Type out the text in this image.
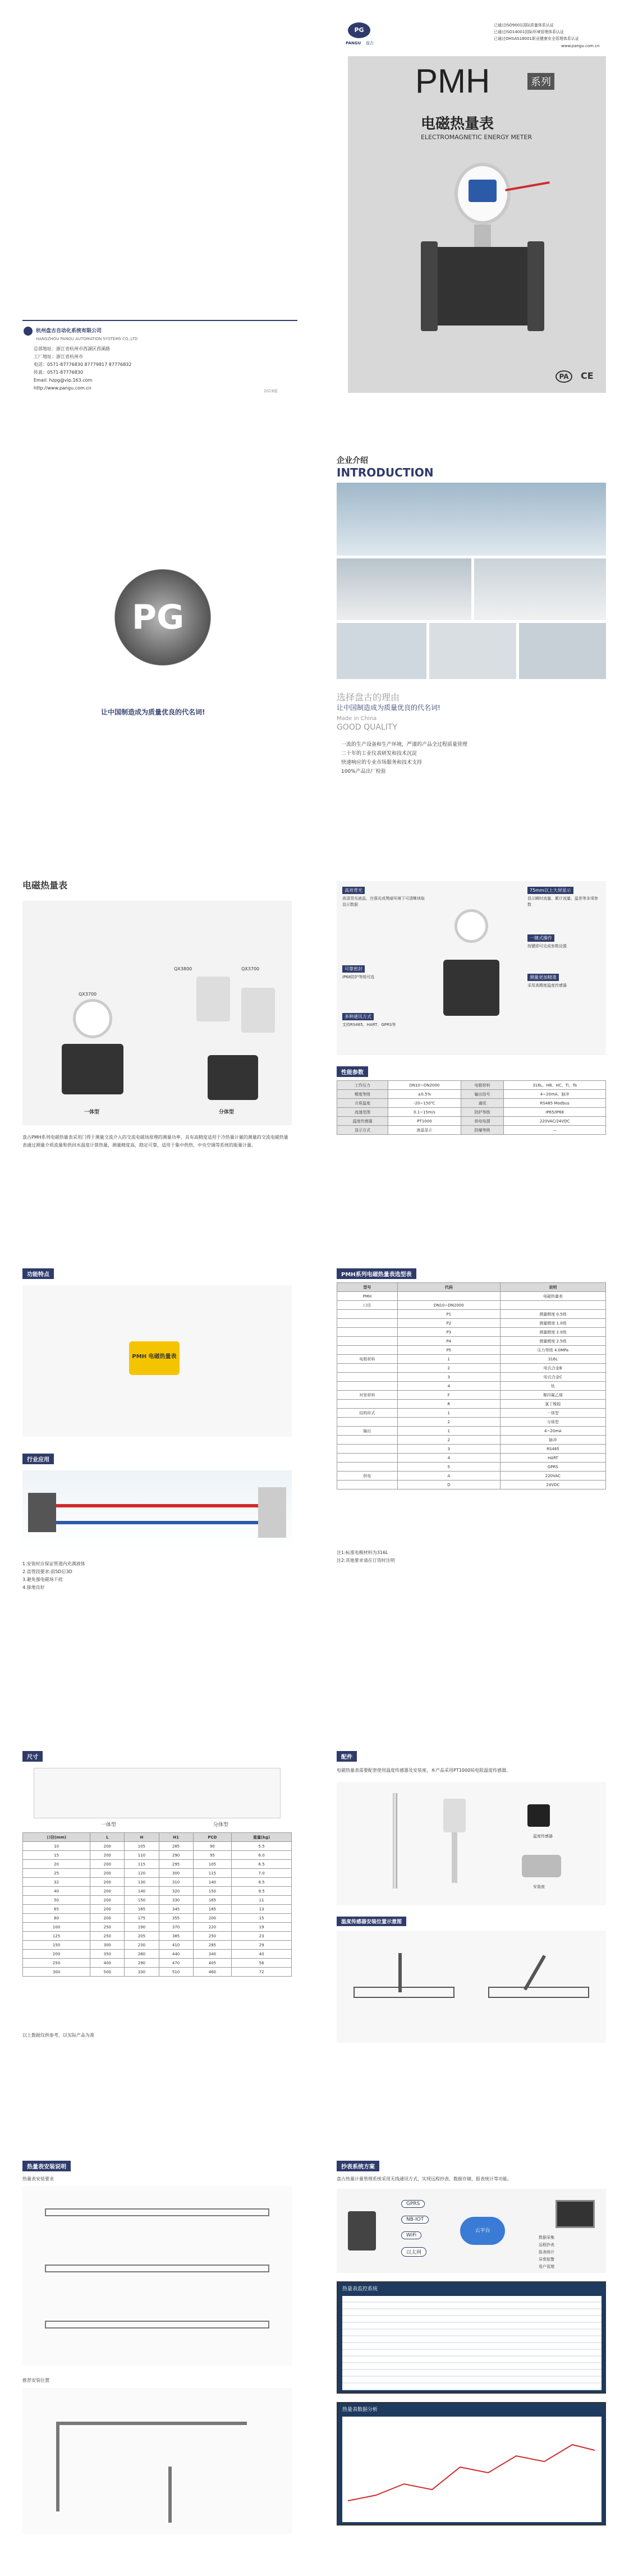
杭州盘古自动化系统有限公司
HANGZHOU PANGU AUTOMATION SYSTEMS CO.,LTD
总部地址：浙江省杭州市西湖区西溪路
工厂地址：浙江省杭州市
电话：0571-87776830 87779817 87776832
传真：0571-87776830
Email: hzpg@vip.163.com
http://www.pangu.com.cn
2019版
PG
PANGU 盘古
已通过ISO9001国际质量体系认证
已通过ISO14001国际环境管理体系认证
已通过OHSAS18001职业健康安全管理体系认证
www.pangu.com.cn
PMH	系列
电磁热量表
ELECTROMAGNETIC ENERGY METER
PA	CE
PG
让中国制造成为质量优良的代名词!
企业介绍
INTRODUCTION
选择盘古的理由
让中国制造成为质量优良的代名词!
Made in China
GOOD QUALITY
一流的生产设备和生产环境，严谨的产品全过程质量管理
二十年的工业仪表研发和技术沉淀
快速响应的专业市场服务和技术支持
100%产品出厂检验
电磁热量表
QX3700
QX3800	QX3700
一体型	分体型
盘古PMH系列电磁热量表采用门得于测量交流介入的交流电磁场原理的测量功率，具有高精度适用于冷热量计量的测量的交流电磁热量表通过测量介质流量和供回水温度计算热量，测量精度高，稳定可靠，适用于集中供热、中央空调等系统的能量计量。
高亮背光
高清背光液晶，在强光或黑暗环境下可清晰读取显示数据
75mm以上大屏显示
显示瞬时流量、累计流量、温差等多项参数
一键式操作
按键即可完成参数设置
可靠密封
IP68防护等级可选	测量更加精准
采用高精度温度传感器
多种通讯方式
支持RS485、HART、GPRS等
性能参数
工作压力	DN10~DN2000	电极材料	316L、HB、HC、Ti、Ta
精度等级	±0.5%	输出信号	4~20mA、脉冲
介质温度	-20~150℃	通讯	RS485 Modbus
流速范围	0.1~15m/s	防护等级	IP65/IP68
温度传感器	PT1000	供电电源	220VAC/24VDC
显示方式	液晶显示	防爆等级	—
功能特点
PMH 电磁热量表
行业应用
1.安装时应保证管道内充满液体
2.直管段要求:前5D后3D
3.避免强电磁场干扰
4.接地良好
PMH系列电磁热量表选型表
型号	代码	说明
PMH		电磁热量表
口径	DN10~DN2000	
	P1	测量精度 0.5级
	P2	测量精度 1.0级
	P3	测量精度 2.0级
	P4	测量精度 2.5级
	P5	压力等级 4.0MPa
电极材料	1	316L
	2	哈氏合金B
	3	哈氏合金C
	4	钛
衬里材料	F	聚四氟乙烯
	R	氯丁橡胶
结构形式	1	一体型
	2	分体型
输出	1	4~20mA
	2	脉冲
	3	RS485
	4	HART
	5	GPRS
供电	A	220VAC
	D	24VDC
注1:标准电极材料为316L
注2:其他要求请在订货时注明
尺寸
一体型	分体型
口径(mm)	L	H	H1	PCD	重量(kg)
10	200	105	285	90	5.5
15	200	110	290	95	6.0
20	200	115	295	105	6.5
25	200	120	300	115	7.0
32	200	130	310	140	8.5
40	200	140	320	150	9.5
50	200	150	330	165	11
65	200	165	345	185	13
80	200	175	355	200	15
100	250	190	370	220	19
125	250	205	385	250	23
150	300	230	410	285	29
200	350	260	440	340	40
250	400	290	470	405	56
300	500	330	510	460	72
以上数据仅供参考，以实际产品为准
配件
电磁热量表需要配套使用温度传感器及安装座，本产品采用PT1000铂电阻温度传感器。
温度传感器
安装座
温度传感器安装位置示意图
热量表安装说明
热量表安装要求
推荐安装位置
抄表系统方案
盘古热量计量管理系统采用无线通讯方式，实现远程抄表、数据存储、报表统计等功能。
云平台
GPRS
NB-IOT
WiFi
以太网
数据采集
远程抄表
报表统计
异常报警
用户管理
热量表监控系统
热量表数据分析
